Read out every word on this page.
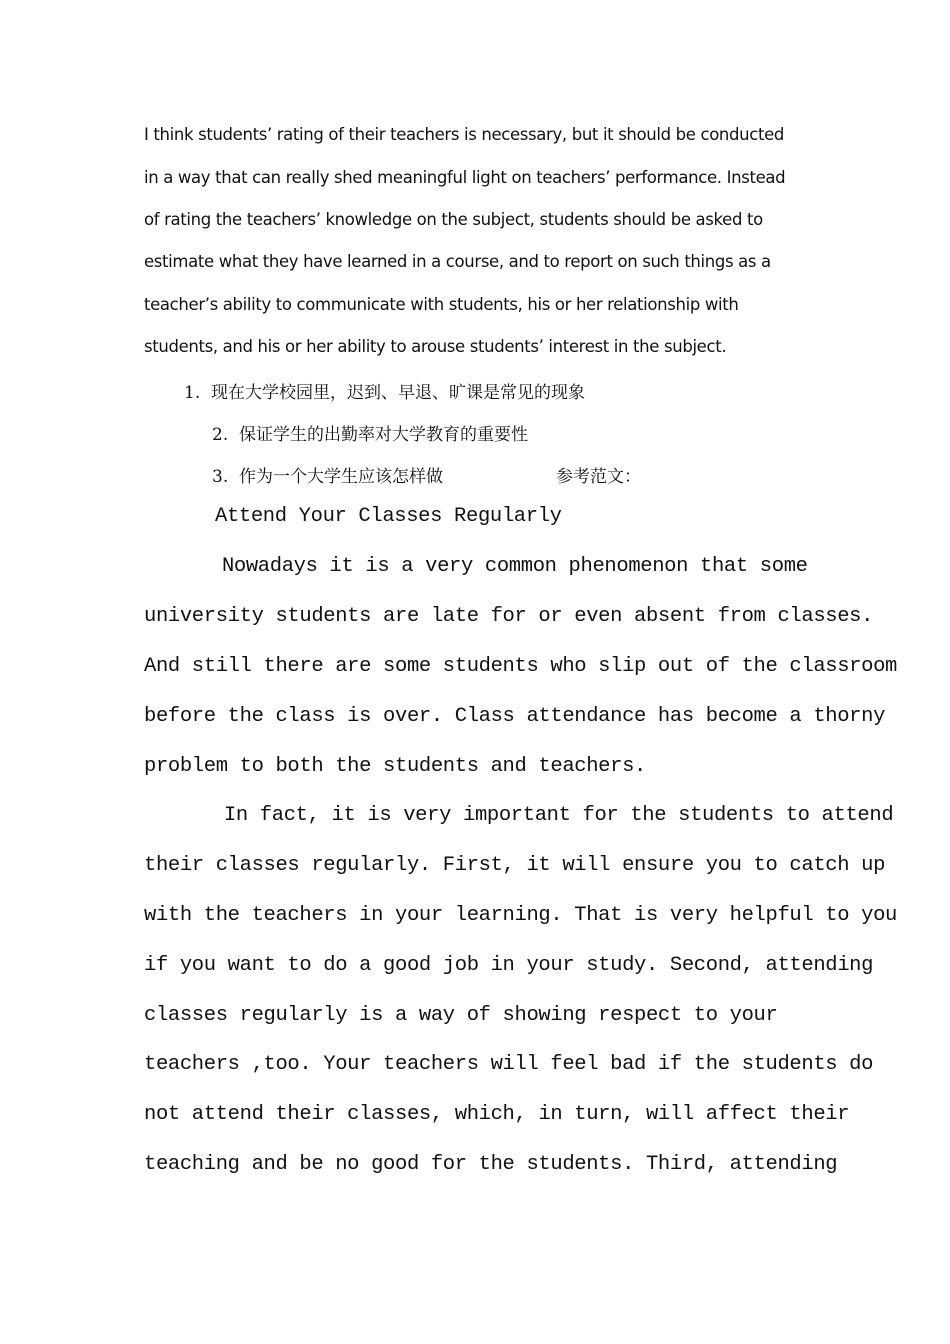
I think students’ rating of their teachers is necessary, but it should be conducted

in a way that can really shed meaningful light on teachers’ performance. Instead

of rating the teachers’ knowledge on the subject, students should be asked to

estimate what they have learned in a course, and to report on such things as a

teacher’s ability to communicate with students, his or her relationship with

students, and his or her ability to arouse students’ interest in the subject.

1.  现在大学校园里，迟到、早退、旷课是常见的现象

2.  保证学生的出勤率对大学教育的重要性

3.  作为一个大学生应该怎样做	参考范文：

Attend Your Classes Regularly

Nowadays it is a very common phenomenon that some

university students are late for or even absent from classes.

And still there are some students who slip out of the classroom

before the class is over. Class attendance has become a thorny

problem to both the students and teachers.

In fact, it is very important for the students to attend

their classes regularly. First, it will ensure you to catch up

with the teachers in your learning. That is very helpful to you

if you want to do a good job in your study. Second, attending

classes regularly is a way of showing respect to your

teachers ,too. Your teachers will feel bad if the students do

not attend their classes, which, in turn, will affect their

teaching and be no good for the students. Third, attending
